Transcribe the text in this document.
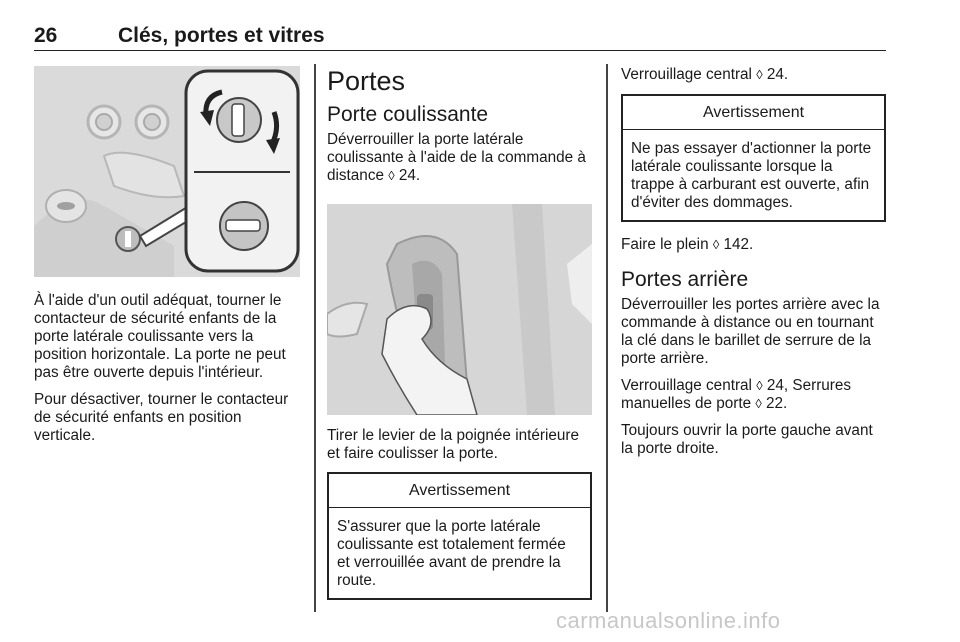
26	Clés, portes et vitres

À l'aide d'un outil adéquat, tourner le contacteur de sécurité enfants de la porte latérale coulissante vers la position horizontale. La porte ne peut pas être ouverte depuis l'intérieur.

Pour désactiver, tourner le contacteur de sécurité enfants en position verticale.

Portes
Porte coulissante

Déverrouiller la porte latérale coulissante à l'aide de la commande à distance ◊ 24.

Tirer le levier de la poignée intérieure et faire coulisser la porte.

Avertissement
S'assurer que la porte latérale coulissante est totalement fermée et verrouillée avant de prendre la route.

Verrouillage central ◊ 24.

Avertissement
Ne pas essayer d'actionner la porte latérale coulissante lorsque la trappe à carburant est ouverte, afin d'éviter des dommages.

Faire le plein ◊ 142.

Portes arrière

Déverrouiller les portes arrière avec la commande à distance ou en tournant la clé dans le barillet de serrure de la porte arrière.

Verrouillage central ◊ 24, Serrures manuelles de porte ◊ 22.

Toujours ouvrir la porte gauche avant la porte droite.

carmanualsonline.info
